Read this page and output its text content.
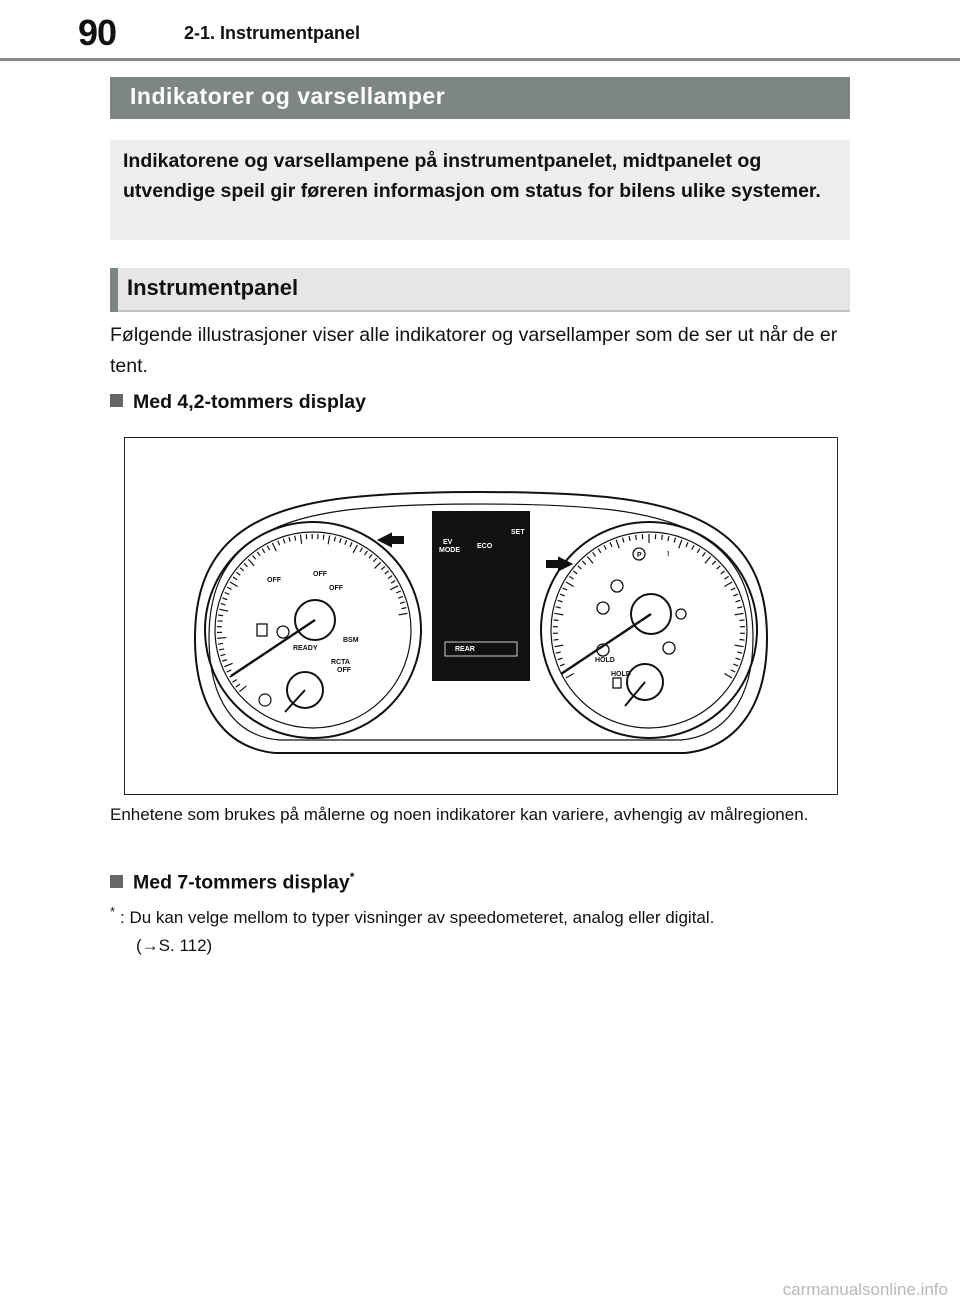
90	2-1. Instrumentpanel
Indikatorer og varsellamper

Indikatorene og varsellampene på instrumentpanelet, midtpanelet og utvendige speil gir føreren informasjon om status for bilens ulike systemer.

Instrumentpanel

Følgende illustrasjoner viser alle indikatorer og varsellamper som de ser ut når de er tent.

Med 4,2-tommers display
OFF
OFF
OFF
READY
BSM
RCTA
OFF
HOLD
HOLD
P	!
EV
MODE
ECO
SET
REAR

Enhetene som brukes på målerne og noen indikatorer kan variere, avhengig av målregionen.

Med 7-tommers display*
* : Du kan velge mellom to typer visninger av speedometeret, analog eller digital.
(→S. 112)
carmanualsonline.info
